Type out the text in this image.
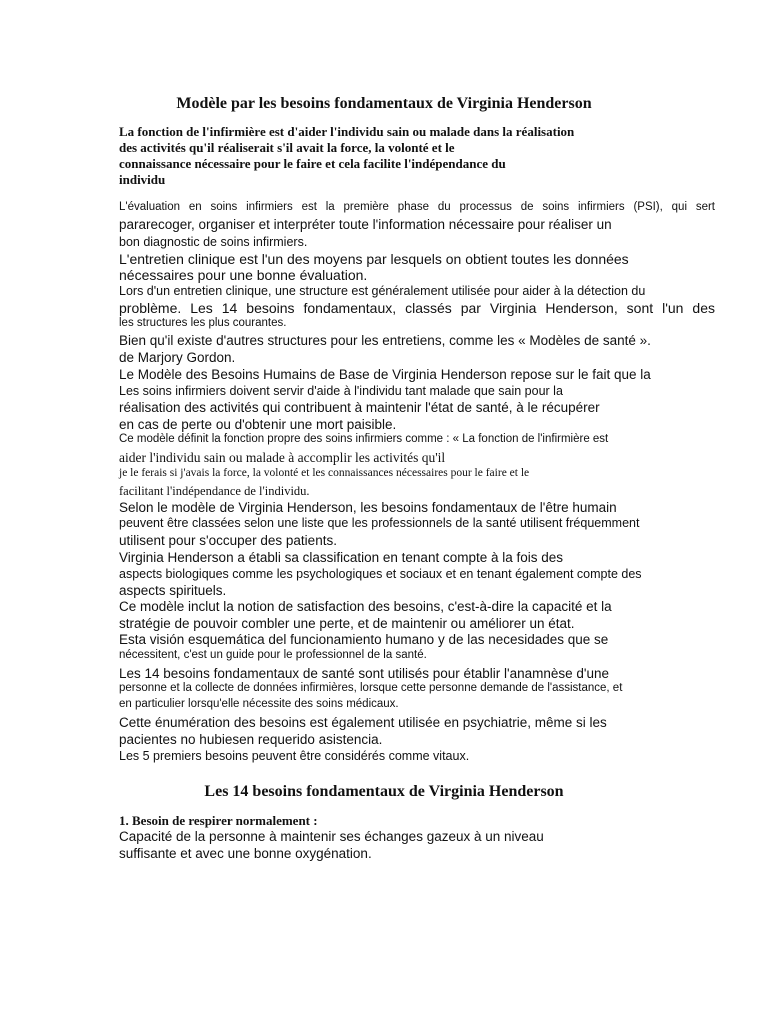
Modèle par les besoins fondamentaux de Virginia Henderson
La fonction de l'infirmière est d'aider l'individu sain ou malade dans la réalisation
des activités qu'il réaliserait s'il avait la force, la volonté et le
connaissance nécessaire pour le faire et cela facilite l'indépendance du
individu
L'évaluation en soins infirmiers est la première phase du processus de soins infirmiers (PSI), qui sert
pararecoger, organiser et interpréter toute l'information nécessaire pour réaliser un
bon diagnostic de soins infirmiers.
L'entretien clinique est l'un des moyens par lesquels on obtient toutes les données
nécessaires pour une bonne évaluation.
Lors d'un entretien clinique, une structure est généralement utilisée pour aider à la détection du
problème. Les 14 besoins fondamentaux, classés par Virginia Henderson, sont l'un des
les structures les plus courantes.
Bien qu'il existe d'autres structures pour les entretiens, comme les « Modèles de santé ».
de Marjory Gordon.
Le Modèle des Besoins Humains de Base de Virginia Henderson repose sur le fait que la
Les soins infirmiers doivent servir d'aide à l'individu tant malade que sain pour la
réalisation des activités qui contribuent à maintenir l'état de santé, à le récupérer
en cas de perte ou d'obtenir une mort paisible.
Ce modèle définit la fonction propre des soins infirmiers comme : « La fonction de l'infirmière est
aider l'individu sain ou malade à accomplir les activités qu'il
je le ferais si j'avais la force, la volonté et les connaissances nécessaires pour le faire et le
facilitant l'indépendance de l'individu.
Selon le modèle de Virginia Henderson, les besoins fondamentaux de l'être humain
peuvent être classées selon une liste que les professionnels de la santé utilisent fréquemment
utilisent pour s'occuper des patients.
Virginia Henderson a établi sa classification en tenant compte à la fois des
aspects biologiques comme les psychologiques et sociaux et en tenant également compte des
aspects spirituels.
Ce modèle inclut la notion de satisfaction des besoins, c'est-à-dire la capacité et la
stratégie de pouvoir combler une perte, et de maintenir ou améliorer un état.
Esta visión esquemática del funcionamiento humano y de las necesidades que se
nécessitent, c'est un guide pour le professionnel de la santé.
Les 14 besoins fondamentaux de santé sont utilisés pour établir l'anamnèse d'une
personne et la collecte de données infirmières, lorsque cette personne demande de l'assistance, et
en particulier lorsqu'elle nécessite des soins médicaux.
Cette énumération des besoins est également utilisée en psychiatrie, même si les
pacientes no hubiesen requerido asistencia.
Les 5 premiers besoins peuvent être considérés comme vitaux.
Les 14 besoins fondamentaux de Virginia Henderson
1. Besoin de respirer normalement :
Capacité de la personne à maintenir ses échanges gazeux à un niveau
suffisante et avec une bonne oxygénation.
